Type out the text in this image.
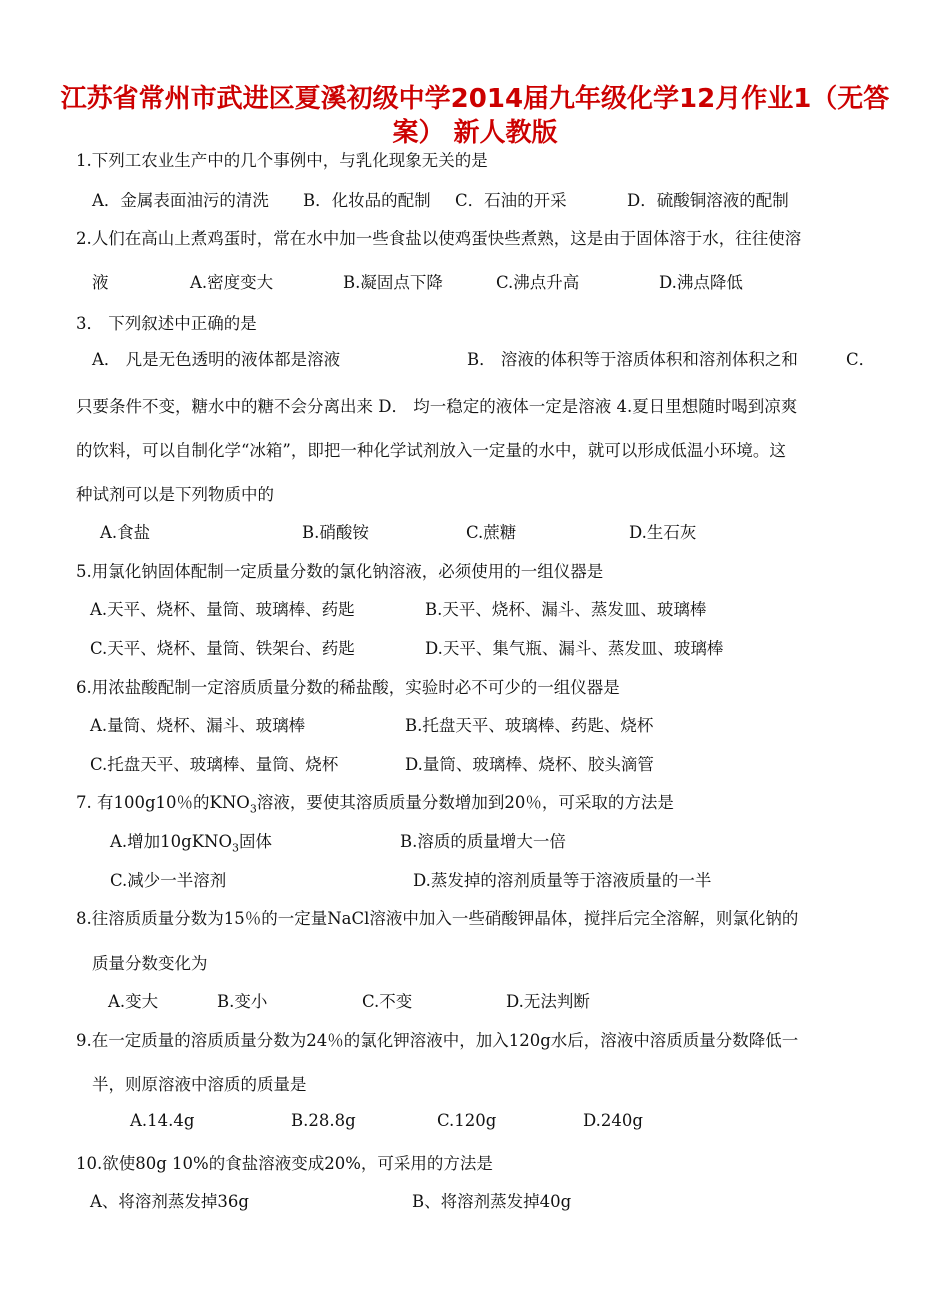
江苏省常州市武进区夏溪初级中学2014届九年级化学12月作业1（无答
案） 新人教版
1.下列工农业生产中的几个事例中，与乳化现象无关的是
A．金属表面油污的清洗 B．化妆品的配制 C．石油的开采	D．硫酸铜溶液的配制
2.人们在高山上煮鸡蛋时，常在水中加一些食盐以使鸡蛋快些煮熟，这是由于固体溶于水，往往使溶
液	A.密度变大	B.凝固点下降	C.沸点升高	D.沸点降低
3． 下列叙述中正确的是
A． 凡是无色透明的液体都是溶液	B． 溶液的体积等于溶质体积和溶剂体积之和	C．
只要条件不变，糖水中的糖不会分离出来 D． 均一稳定的液体一定是溶液 4.夏日里想随时喝到凉爽
的饮料，可以自制化学“冰箱”，即把一种化学试剂放入一定量的水中，就可以形成低温小环境。这
种试剂可以是下列物质中的
A.食盐	B.硝酸铵	C.蔗糖	D.生石灰
5.用氯化钠固体配制一定质量分数的氯化钠溶液，必须使用的一组仪器是
A.天平、烧杯、量筒、玻璃棒、药匙	B.天平、烧杯、漏斗、蒸发皿、玻璃棒
C.天平、烧杯、量筒、铁架台、药匙	D.天平、集气瓶、漏斗、蒸发皿、玻璃棒
6.用浓盐酸配制一定溶质质量分数的稀盐酸，实验时必不可少的一组仪器是
A.量筒、烧杯、漏斗、玻璃棒	B.托盘天平、玻璃棒、药匙、烧杯
C.托盘天平、玻璃棒、量筒、烧杯	D.量筒、玻璃棒、烧杯、胶头滴管
7. 有100g10％的$KNO_3$溶液，要使其溶质质量分数增加到20％，可采取的方法是
A.增加10gKNO$_3$固体	B.溶质的质量增大一倍
C.减少一半溶剂	D.蒸发掉的溶剂质量等于溶液质量的一半
8.往溶质质量分数为15％的一定量NaCl溶液中加入一些硝酸钾晶体，搅拌后完全溶解，则氯化钠的
质量分数变化为
A.变大	B.变小	C.不变	D.无法判断
9.在一定质量的溶质质量分数为24％的氯化钾溶液中，加入120g水后，溶液中溶质质量分数降低一
半，则原溶液中溶质的质量是
A.14.4g	B.28.8g	C.120g	D.240g
10.欲使80g 10%的食盐溶液变成20%，可采用的方法是
A、将溶剂蒸发掉36g	B、将溶剂蒸发掉40g
